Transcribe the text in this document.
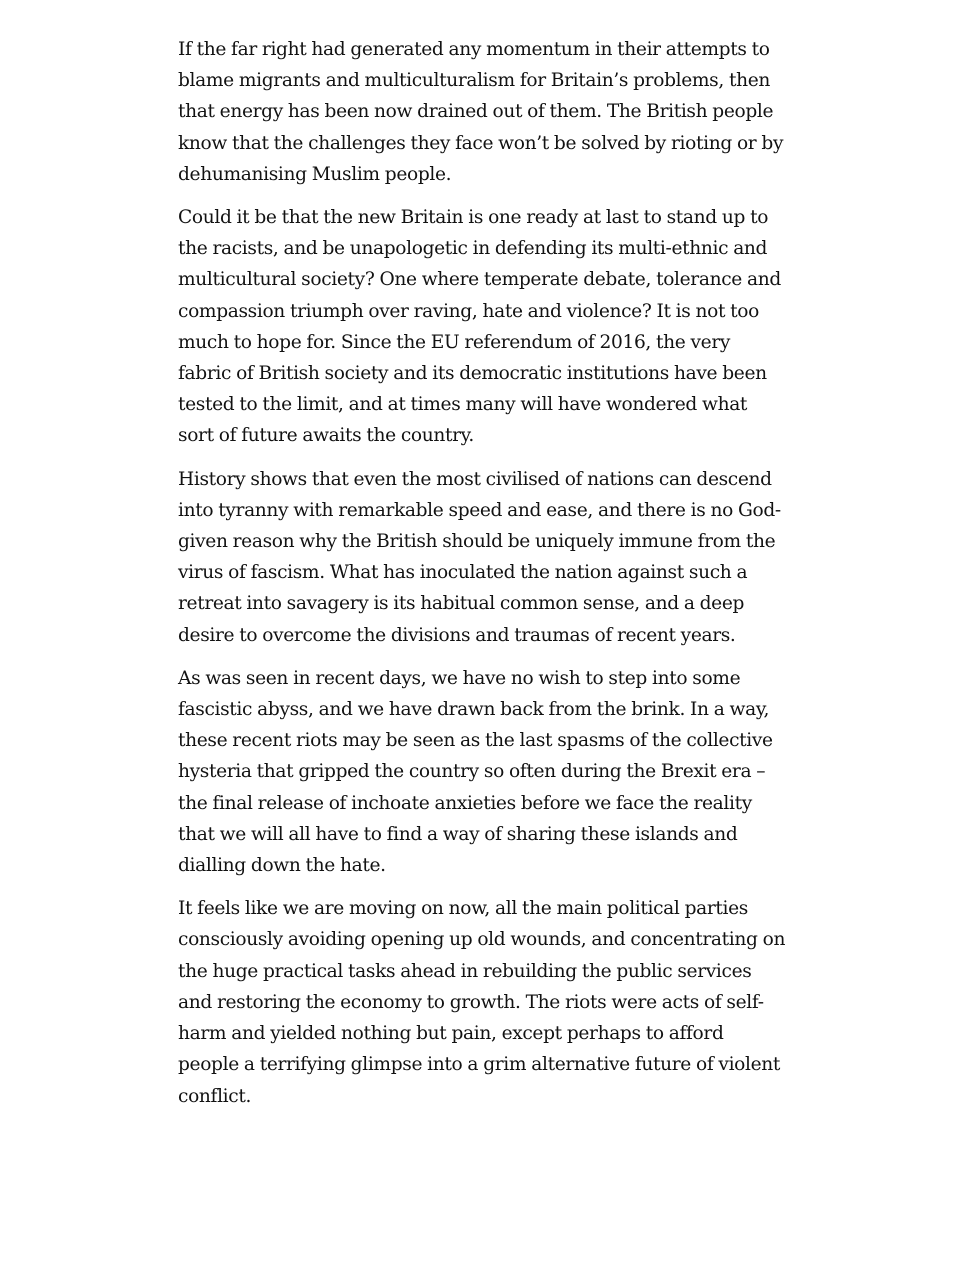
If the far right had generated any momentum in their attempts to blame migrants and multiculturalism for Britain’s problems, then that energy has been now drained out of them. The British people know that the challenges they face won’t be solved by rioting or by dehumanising Muslim people.

Could it be that the new Britain is one ready at last to stand up to the racists, and be unapologetic in defending its multi-ethnic and multicultural society? One where temperate debate, tolerance and compassion triumph over raving, hate and violence? It is not too much to hope for. Since the EU referendum of 2016, the very fabric of British society and its democratic institutions have been tested to the limit, and at times many will have wondered what sort of future awaits the country.

History shows that even the most civilised of nations can descend into tyranny with remarkable speed and ease, and there is no God-given reason why the British should be uniquely immune from the virus of fascism. What has inoculated the nation against such a retreat into savagery is its habitual common sense, and a deep desire to overcome the divisions and traumas of recent years.

As was seen in recent days, we have no wish to step into some fascistic abyss, and we have drawn back from the brink. In a way, these recent riots may be seen as the last spasms of the collective hysteria that gripped the country so often during the Brexit era – the final release of inchoate anxieties before we face the reality that we will all have to find a way of sharing these islands and dialling down the hate.

It feels like we are moving on now, all the main political parties consciously avoiding opening up old wounds, and concentrating on the huge practical tasks ahead in rebuilding the public services and restoring the economy to growth. The riots were acts of self-harm and yielded nothing but pain, except perhaps to afford people a terrifying glimpse into a grim alternative future of violent conflict.
